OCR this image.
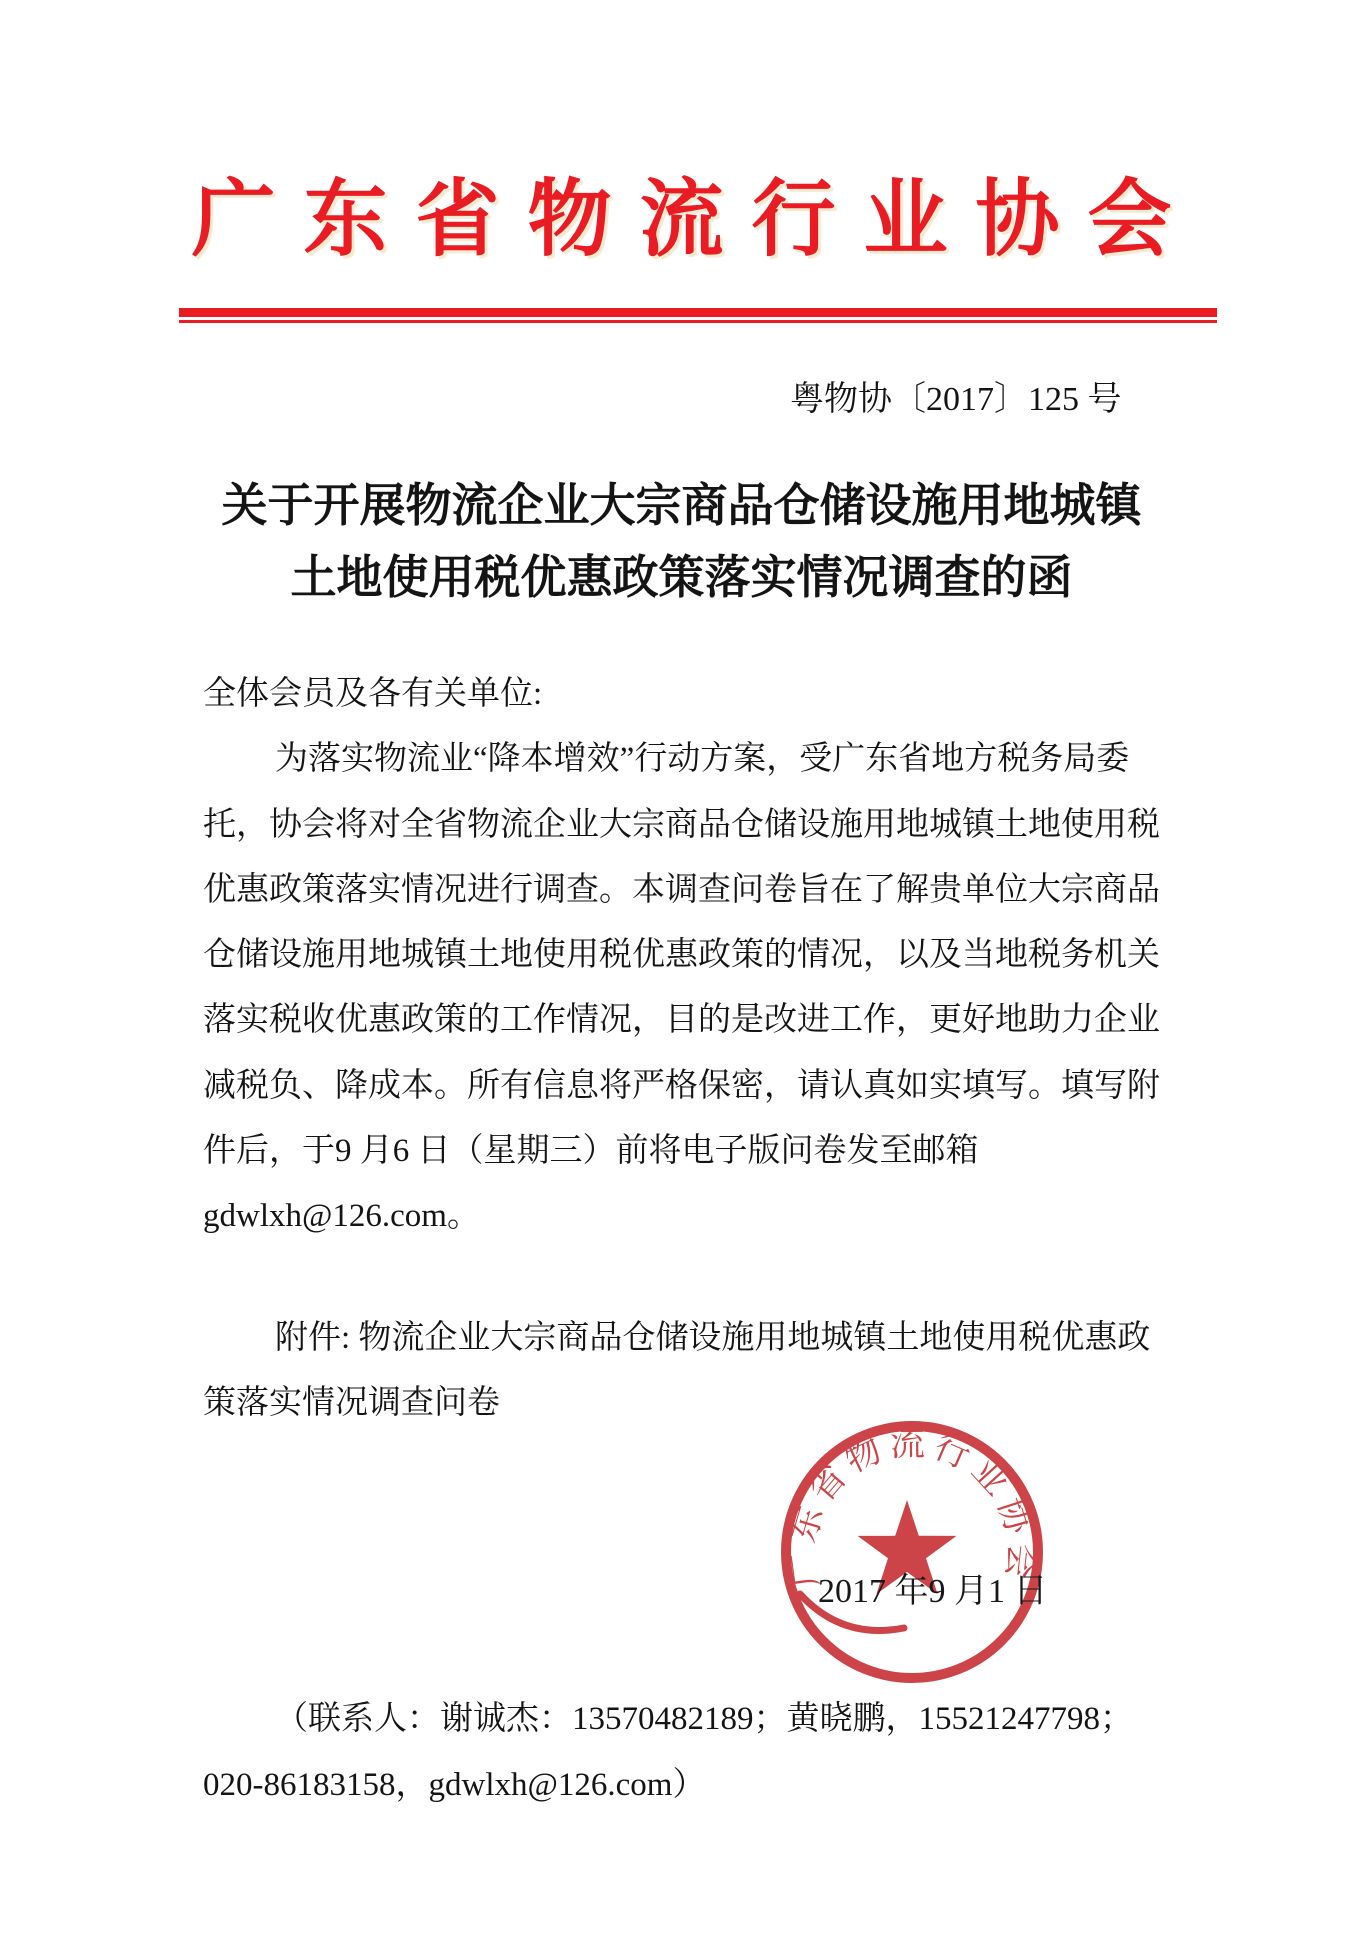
广东省物流行业协会
粤物协〔2017〕125 号
关于开展物流企业大宗商品仓储设施用地城镇
土地使用税优惠政策落实情况调查的函
全体会员及各有关单位:
为落实物流业“降本增效”行动方案，受广东省地方税务局委
托，协会将对全省物流企业大宗商品仓储设施用地城镇土地使用税
优惠政策落实情况进行调查。本调查问卷旨在了解贵单位大宗商品
仓储设施用地城镇土地使用税优惠政策的情况，以及当地税务机关
落实税收优惠政策的工作情况，目的是改进工作，更好地助力企业
减税负、降成本。所有信息将严格保密，请认真如实填写。填写附
件后，于9 月6 日（星期三）前将电子版问卷发至邮箱
gdwlxh@126.com。
附件: 物流企业大宗商品仓储设施用地城镇土地使用税优惠政
策落实情况调查问卷
广东省物流行业协会
2017 年9 月1 日
（联系人：谢诚杰：13570482189；黄晓鹏，15521247798；
020-86183158，gdwlxh@126.com）
